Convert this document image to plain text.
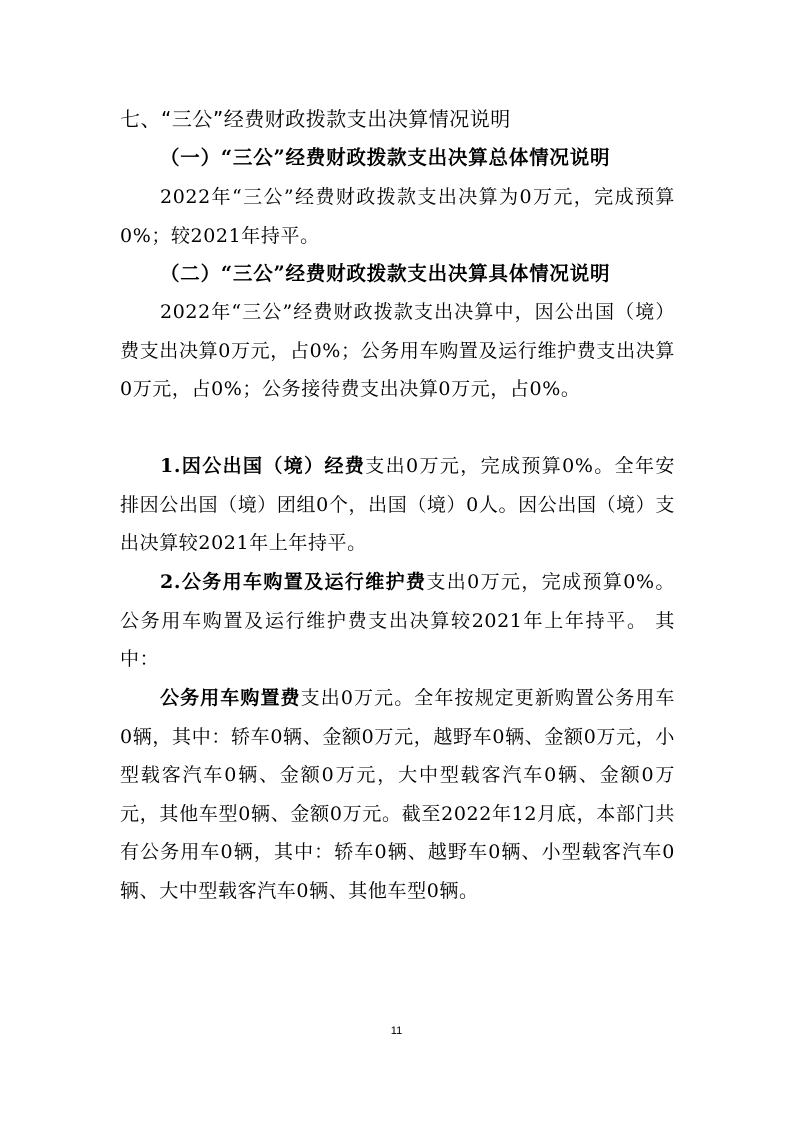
七、“三公”经费财政拨款支出决算情况说明
（一）“三公”经费财政拨款支出决算总体情况说明
2022年“三公”经费财政拨款支出决算为0万元，完成预算0%；较2021年持平。
（二）“三公”经费财政拨款支出决算具体情况说明
2022年“三公”经费财政拨款支出决算中，因公出国（境）费支出决算0万元，占0%；公务用车购置及运行维护费支出决算0万元，占0%；公务接待费支出决算0万元，占0%。
1.因公出国（境）经费支出0万元，完成预算0%。全年安排因公出国（境）团组0个，出国（境）0人。因公出国（境）支出决算较2021年上年持平。
2.公务用车购置及运行维护费支出0万元，完成预算0%。公务用车购置及运行维护费支出决算较2021年上年持平。 其中：
公务用车购置费支出0万元。全年按规定更新购置公务用车0辆，其中：轿车0辆、金额0万元，越野车0辆、金额0万元，小型载客汽车0辆、金额0万元，大中型载客汽车0辆、金额0万元，其他车型0辆、金额0万元。截至2022年12月底，本部门共有公务用车0辆，其中：轿车0辆、越野车0辆、小型载客汽车0辆、大中型载客汽车0辆、其他车型0辆。
11
